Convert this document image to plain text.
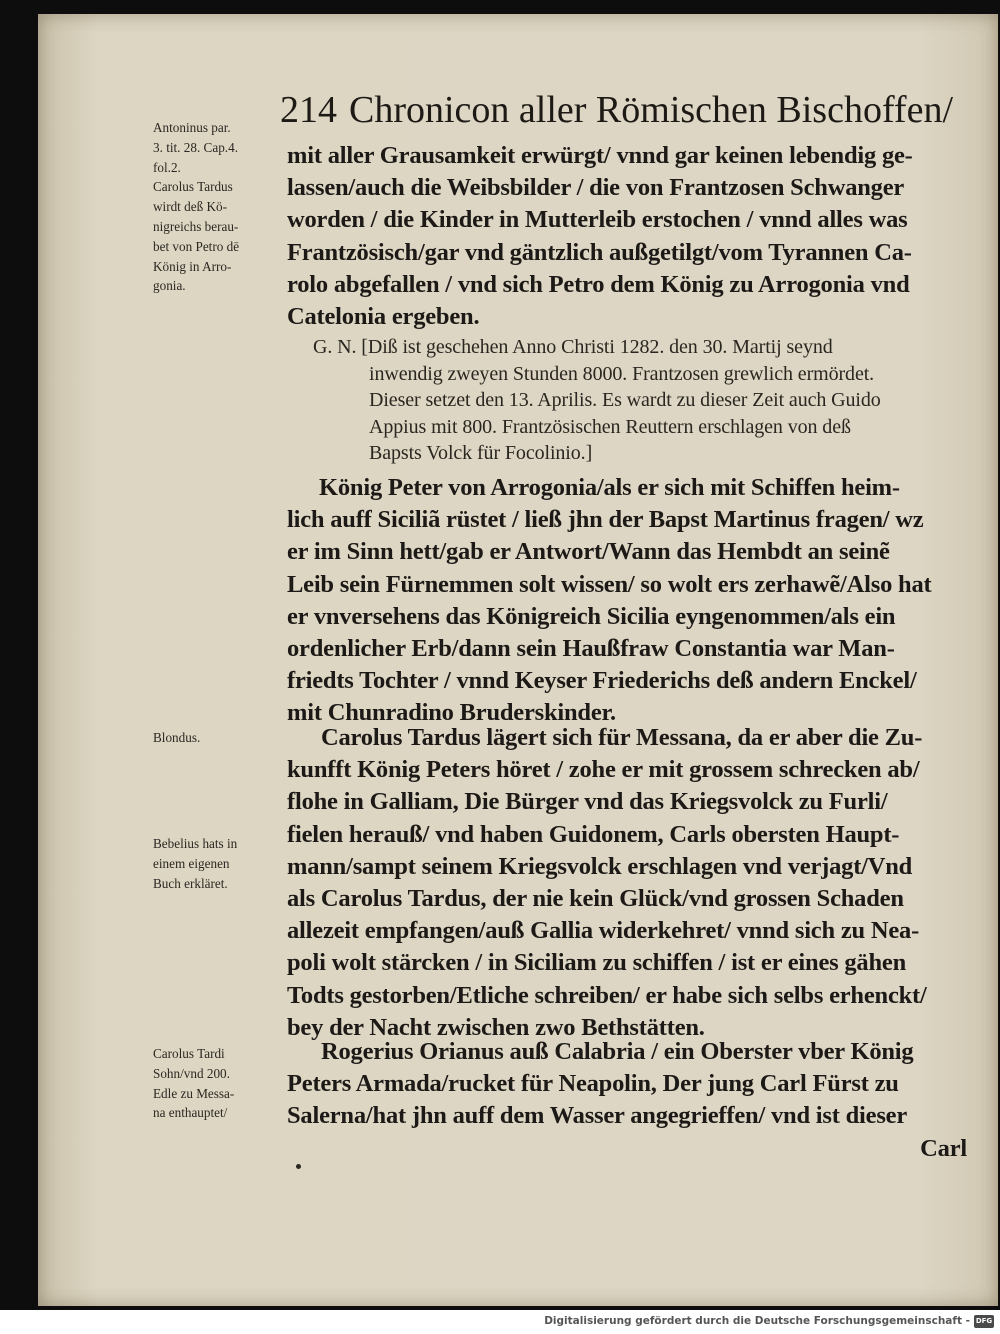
214 Chronicon aller Römischen Bischoffen/
Antoninus par.
3. tit. 28. Cap.4.
fol.2.
Carolus Tardus
wirdt deß Kö-
nigreichs berau-
bet von Petro dē
König in Arro-
gonia.
Blondus.
Bebelius hats in
einem eigenen
Buch erkläret.
Carolus Tardi
Sohn/vnd 200.
Edle zu Messa-
na enthauptet/
mit aller Grausamkeit erwürgt/ vnnd gar keinen lebendig ge-
lassen/auch die Weibsbilder / die von Frantzosen Schwanger
worden / die Kinder in Mutterleib erstochen / vnnd alles was
Frantzösisch/gar vnd gäntzlich außgetilgt/vom Tyrannen Ca-
rolo abgefallen / vnd sich Petro dem König zu Arrogonia vnd
Catelonia ergeben.
G. N. [Diß ist geschehen Anno Christi 1282. den 30. Martij seynd
inwendig zweyen Stunden 8000. Frantzosen grewlich ermördet.
Dieser setzet den 13. Aprilis. Es wardt zu dieser Zeit auch Guido
Appius mit 800. Frantzösischen Reuttern erschlagen von deß
Bapsts Volck für Focolinio.]
König Peter von Arrogonia/als er sich mit Schiffen heim-
lich auff Siciliã rüstet / ließ jhn der Bapst Martinus fragen/ wz
er im Sinn hett/gab er Antwort/Wann das Hembdt an seinẽ
Leib sein Fürnemmen solt wissen/ so wolt ers zerhawẽ/Also hat
er vnversehens das Königreich Sicilia eyngenommen/als ein
ordenlicher Erb/dann sein Haußfraw Constantia war Man-
friedts Tochter / vnnd Keyser Friederichs deß andern Enckel/
mit Chunradino Bruderskinder.
Carolus Tardus lägert sich für Messana, da er aber die Zu-
kunfft König Peters höret / zohe er mit grossem schrecken ab/
flohe in Galliam, Die Bürger vnd das Kriegsvolck zu Furli/
fielen herauß/ vnd haben Guidonem, Carls obersten Haupt-
mann/sampt seinem Kriegsvolck erschlagen vnd verjagt/Vnd
als Carolus Tardus, der nie kein Glück/vnd grossen Schaden
allezeit empfangen/auß Gallia widerkehret/ vnnd sich zu Nea-
poli wolt stärcken / in Siciliam zu schiffen / ist er eines gähen
Todts gestorben/Etliche schreiben/ er habe sich selbs erhenckt/
bey der Nacht zwischen zwo Bethstätten.
Rogerius Orianus auß Calabria / ein Oberster vber König
Peters Armada/rucket für Neapolin, Der jung Carl Fürst zu
Salerna/hat jhn auff dem Wasser angegrieffen/ vnd ist dieser
Carl
Digitalisierung gefördert durch die Deutsche Forschungsgemeinschaft - DFG
